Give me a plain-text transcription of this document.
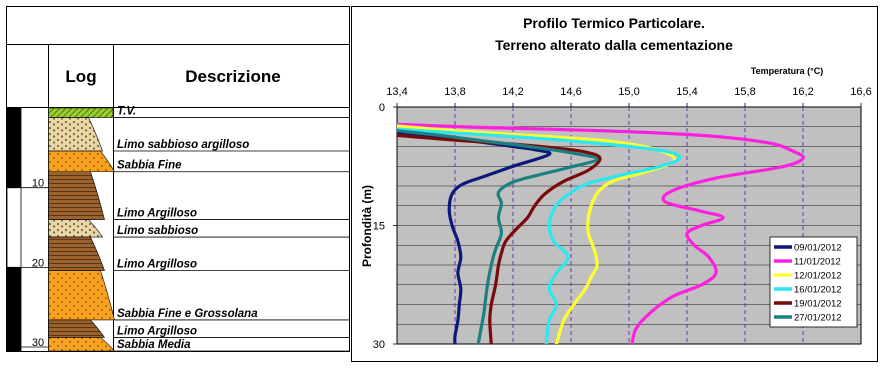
Log	Descrizione
T.V.
Limo sabbioso argilloso
Sabbia Fine
Limo Argilloso
Limo sabbioso
Limo Argilloso
Sabbia Fine e Grossolana
Limo Argilloso
Sabbia Media
10
20
30
Profilo Termico Particolare.
Terreno alterato dalla cementazione
Temperatura (°C)
Profondità (m)
13,4	13,8	14,2	14,6	15,0	15,4	15,8	16,2	16,6
0
15
30
09/01/2012
11/01/2012
12/01/2012
16/01/2012
19/01/2012
27/01/2012
